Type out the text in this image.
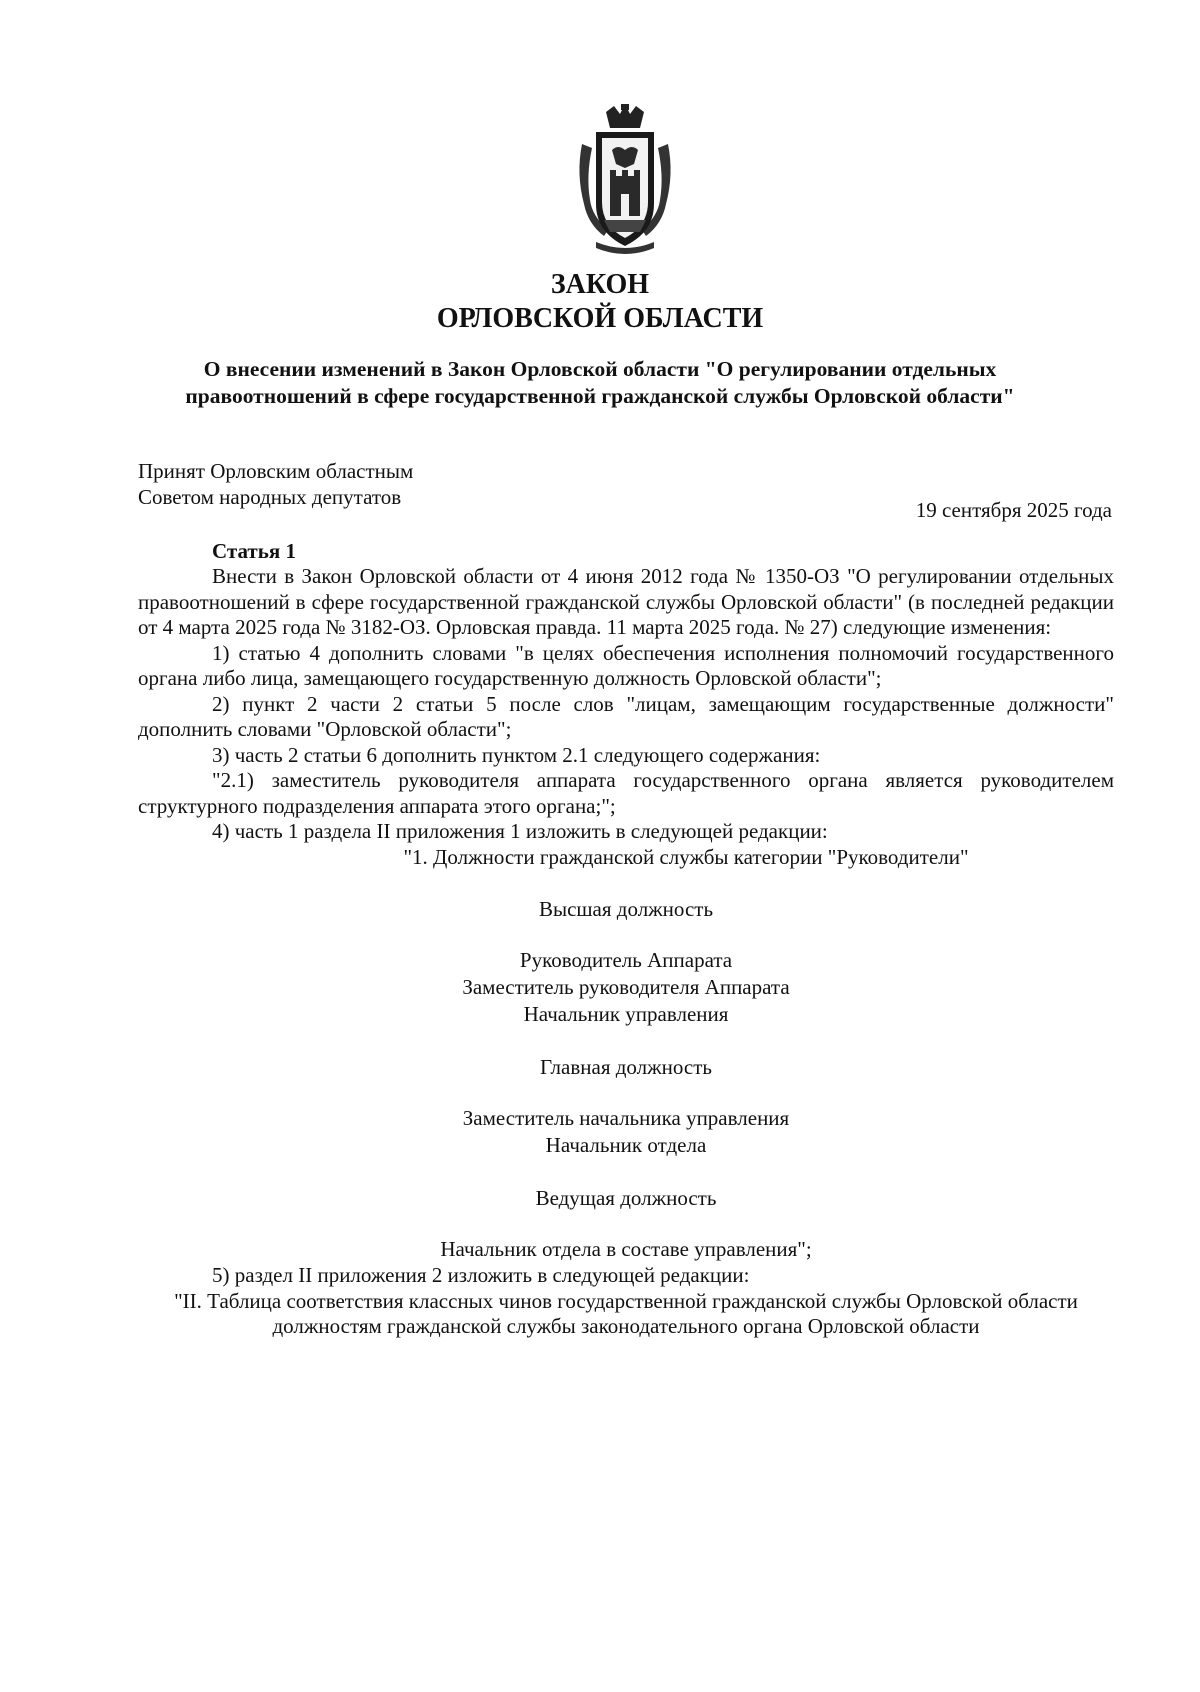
ЗАКОН
ОРЛОВСКОЙ ОБЛАСТИ
О внесении изменений в Закон Орловской области "О регулировании отдельных правоотношений в сфере государственной гражданской службы Орловской области"
Принят Орловским областным
Советом народных депутатов
19 сентября 2025 года
Статья 1

Внести в Закон Орловской области от 4 июня 2012 года № 1350-ОЗ "О регулировании отдельных правоотношений в сфере государственной гражданской службы Орловской области" (в последней редакции от 4 марта 2025 года № 3182-ОЗ. Орловская правда. 11 марта 2025 года. № 27) следующие изменения:

1) статью 4 дополнить словами "в целях обеспечения исполнения полномочий государственного органа либо лица, замещающего государственную должность Орловской области";

2) пункт 2 части 2 статьи 5 после слов "лицам, замещающим государственные должности" дополнить словами "Орловской области";

3) часть 2 статьи 6 дополнить пунктом 2.1 следующего содержания:

"2.1) заместитель руководителя аппарата государственного органа является руководителем структурного подразделения аппарата этого органа;";

4) часть 1 раздела II приложения 1 изложить в следующей редакции:

"1. Должности гражданской службы категории "Руководители"

Высшая должность
Руководитель Аппарата
Заместитель руководителя Аппарата
Начальник управления
Главная должность
Заместитель начальника управления
Начальник отдела
Ведущая должность
Начальник отдела в составе управления";

5) раздел II приложения 2 изложить в следующей редакции:

"II. Таблица соответствия классных чинов государственной гражданской службы Орловской области должностям гражданской службы законодательного органа Орловской области
